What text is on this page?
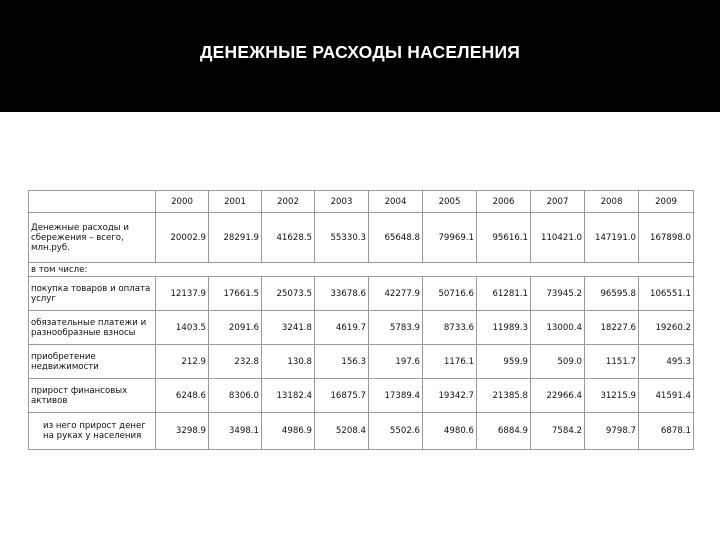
ДЕНЕЖНЫЕ РАСХОДЫ НАСЕЛЕНИЯ
	2000	2001	2002	2003	2004	2005	2006	2007	2008	2009
Денежные расходы и сбережения – всего, млн.руб.	20002.9	28291.9	41628.5	55330.3	65648.8	79969.1	95616.1	110421.0	147191.0	167898.0
в том числе:										
покупка товаров и оплата услуг	12137.9	17661.5	25073.5	33678.6	42277.9	50716.6	61281.1	73945.2	96595.8	106551.1
обязательные платежи и разнообразные взносы	1403.5	2091.6	3241.8	4619.7	5783.9	8733.6	11989.3	13000.4	18227.6	19260.2
приобретение недвижимости	212.9	232.8	130.8	156.3	197.6	1176.1	959.9	509.0	1151.7	495.3
прирост финансовых активов	6248.6	8306.0	13182.4	16875.7	17389.4	19342.7	21385.8	22966.4	31215.9	41591.4
из него прирост денег на руках у населения	3298.9	3498.1	4986.9	5208.4	5502.6	4980.6	6884.9	7584.2	9798.7	6878.1
